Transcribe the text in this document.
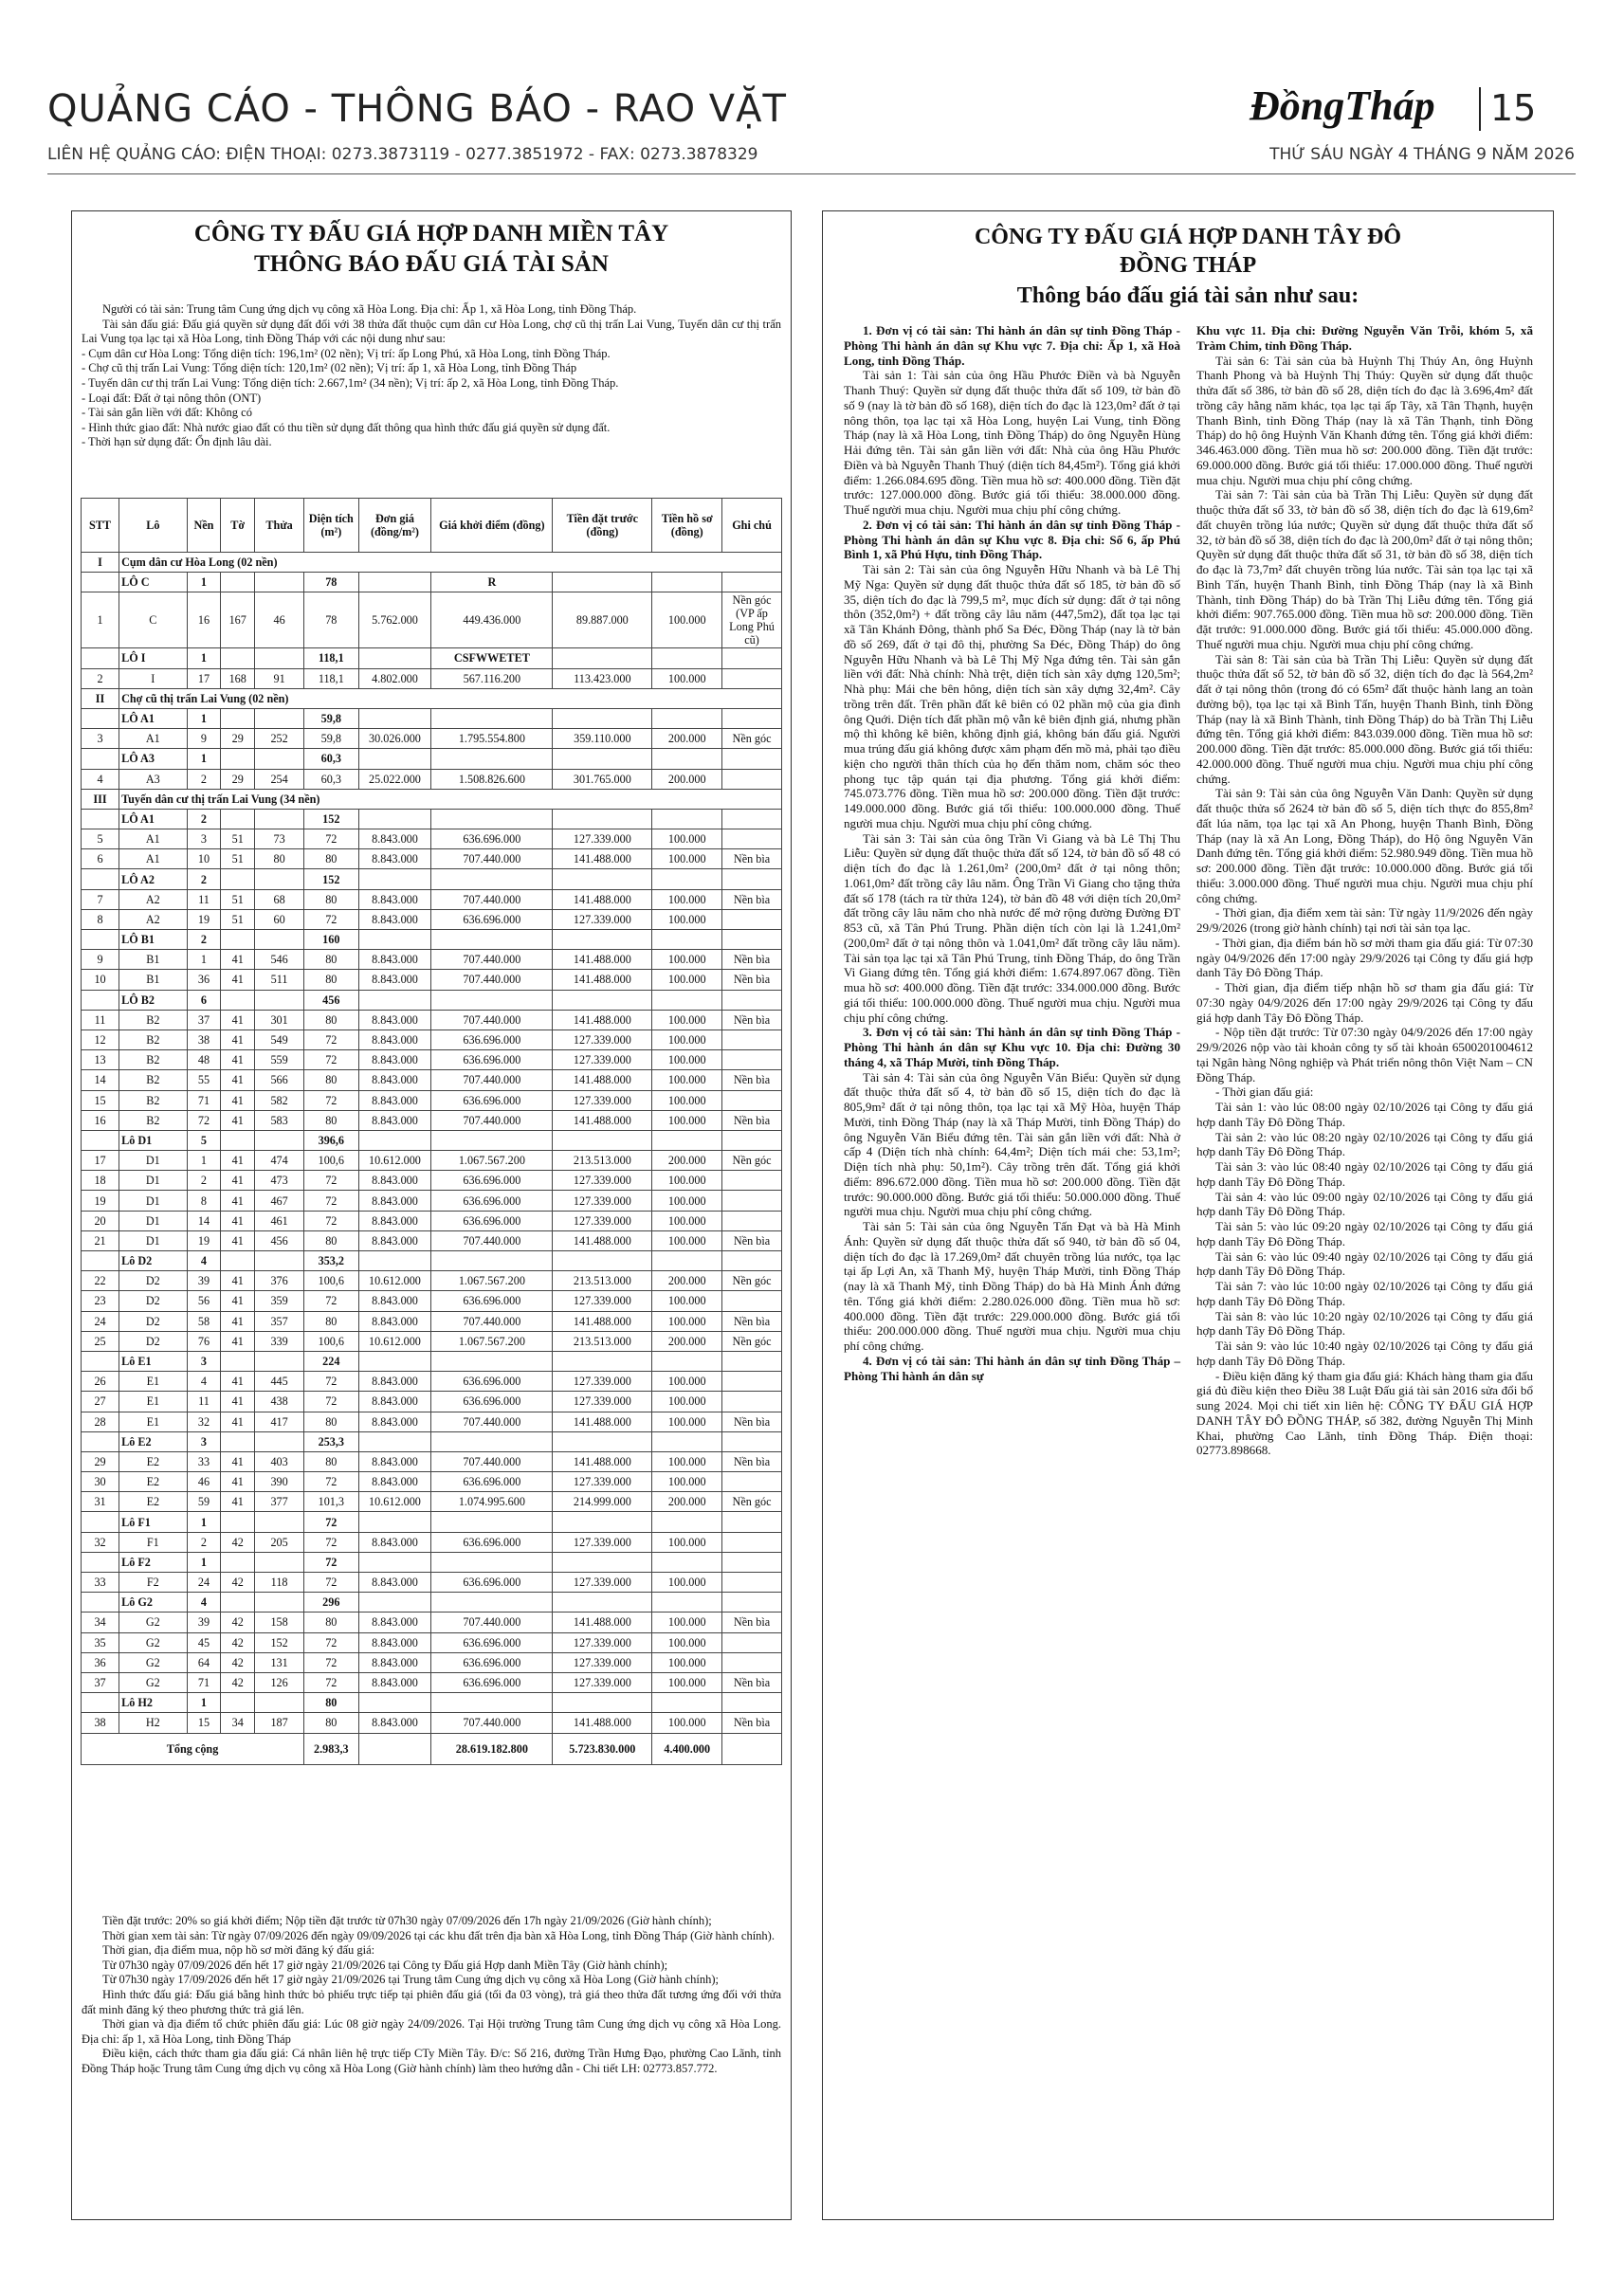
QUẢNG CÁO - THÔNG BÁO - RAO VẶT	ĐồngTháp 15
LIÊN HỆ QUẢNG CÁO: ĐIỆN THOẠI: 0273.3873119 - 0277.3851972 - FAX: 0273.3878329	THỨ SÁU NGÀY 4 THÁNG 9 NĂM 2026
CÔNG TY ĐẤU GIÁ HỢP DANH MIỀN TÂY
THÔNG BÁO ĐẤU GIÁ TÀI SẢN

Người có tài sản: Trung tâm Cung ứng dịch vụ công xã Hòa Long. Địa chỉ: Ấp 1, xã Hòa Long, tỉnh Đồng Tháp.

Tài sản đấu giá: Đấu giá quyền sử dụng đất đối với 38 thửa đất thuộc cụm dân cư Hòa Long, chợ cũ thị trấn Lai Vung, Tuyến dân cư thị trấn Lai Vung tọa lạc tại xã Hòa Long, tỉnh Đồng Tháp với các nội dung như sau:

- Cụm dân cư Hòa Long: Tổng diện tích: 196,1m² (02 nền); Vị trí: ấp Long Phú, xã Hòa Long, tỉnh Đồng Tháp.

- Chợ cũ thị trấn Lai Vung: Tổng diện tích: 120,1m² (02 nền); Vị trí: ấp 1, xã Hòa Long, tỉnh Đồng Tháp

- Tuyến dân cư thị trấn Lai Vung: Tổng diện tích: 2.667,1m² (34 nền); Vị trí: ấp 2, xã Hòa Long, tỉnh Đồng Tháp.

- Loại đất: Đất ở tại nông thôn (ONT)

- Tài sản gắn liền với đất: Không có

- Hình thức giao đất: Nhà nước giao đất có thu tiền sử dụng đất thông qua hình thức đấu giá quyền sử dụng đất.

- Thời hạn sử dụng đất: Ổn định lâu dài.

STT	Lô	Nền	Tờ	Thửa	Diện tích (m²)	Đơn giá (đồng/m²)	Giá khởi điểm (đồng)	Tiền đặt trước (đồng)	Tiền hồ sơ (đồng)	Ghi chú
I	Cụm dân cư Hòa Long (02 nền)									
	LÔ C	1			78		R			
1	C	16	167	46	78	5.762.000	449.436.000	89.887.000	100.000	Nền góc (VP ấp Long Phú cũ)
	LÔ I	1			118,1		CSFWWETET			
2	I	17	168	91	118,1	4.802.000	567.116.200	113.423.000	100.000	
II	Chợ cũ thị trấn Lai Vung (02 nền)									
	LÔ A1	1			59,8					
3	A1	9	29	252	59,8	30.026.000	1.795.554.800	359.110.000	200.000	Nền góc
	LÔ A3	1			60,3					
4	A3	2	29	254	60,3	25.022.000	1.508.826.600	301.765.000	200.000	
III	Tuyến dân cư thị trấn Lai Vung (34 nền)									
	LÔ A1	2			152					
5	A1	3	51	73	72	8.843.000	636.696.000	127.339.000	100.000	
6	A1	10	51	80	80	8.843.000	707.440.000	141.488.000	100.000	Nền bìa
	LÔ A2	2			152					
7	A2	11	51	68	80	8.843.000	707.440.000	141.488.000	100.000	Nền bìa
8	A2	19	51	60	72	8.843.000	636.696.000	127.339.000	100.000	
	LÔ B1	2			160					
9	B1	1	41	546	80	8.843.000	707.440.000	141.488.000	100.000	Nền bìa
10	B1	36	41	511	80	8.843.000	707.440.000	141.488.000	100.000	Nền bìa
	LÔ B2	6			456					
11	B2	37	41	301	80	8.843.000	707.440.000	141.488.000	100.000	Nền bìa
12	B2	38	41	549	72	8.843.000	636.696.000	127.339.000	100.000	
13	B2	48	41	559	72	8.843.000	636.696.000	127.339.000	100.000	
14	B2	55	41	566	80	8.843.000	707.440.000	141.488.000	100.000	Nền bìa
15	B2	71	41	582	72	8.843.000	636.696.000	127.339.000	100.000	
16	B2	72	41	583	80	8.843.000	707.440.000	141.488.000	100.000	Nền bìa
	Lô D1	5			396,6					
17	D1	1	41	474	100,6	10.612.000	1.067.567.200	213.513.000	200.000	Nền góc
18	D1	2	41	473	72	8.843.000	636.696.000	127.339.000	100.000	
19	D1	8	41	467	72	8.843.000	636.696.000	127.339.000	100.000	
20	D1	14	41	461	72	8.843.000	636.696.000	127.339.000	100.000	
21	D1	19	41	456	80	8.843.000	707.440.000	141.488.000	100.000	Nền bìa
	Lô D2	4			353,2					
22	D2	39	41	376	100,6	10.612.000	1.067.567.200	213.513.000	200.000	Nền góc
23	D2	56	41	359	72	8.843.000	636.696.000	127.339.000	100.000	
24	D2	58	41	357	80	8.843.000	707.440.000	141.488.000	100.000	Nền bìa
25	D2	76	41	339	100,6	10.612.000	1.067.567.200	213.513.000	200.000	Nền góc
	Lô E1	3			224					
26	E1	4	41	445	72	8.843.000	636.696.000	127.339.000	100.000	
27	E1	11	41	438	72	8.843.000	636.696.000	127.339.000	100.000	
28	E1	32	41	417	80	8.843.000	707.440.000	141.488.000	100.000	Nền bìa
	Lô E2	3			253,3					
29	E2	33	41	403	80	8.843.000	707.440.000	141.488.000	100.000	Nền bìa
30	E2	46	41	390	72	8.843.000	636.696.000	127.339.000	100.000	
31	E2	59	41	377	101,3	10.612.000	1.074.995.600	214.999.000	200.000	Nền góc
	Lô F1	1			72					
32	F1	2	42	205	72	8.843.000	636.696.000	127.339.000	100.000	
	Lô F2	1			72					
33	F2	24	42	118	72	8.843.000	636.696.000	127.339.000	100.000	
	Lô G2	4			296					
34	G2	39	42	158	80	8.843.000	707.440.000	141.488.000	100.000	Nền bìa
35	G2	45	42	152	72	8.843.000	636.696.000	127.339.000	100.000	
36	G2	64	42	131	72	8.843.000	636.696.000	127.339.000	100.000	
37	G2	71	42	126	72	8.843.000	636.696.000	127.339.000	100.000	Nền bìa
	Lô H2	1			80					
38	H2	15	34	187	80	8.843.000	707.440.000	141.488.000	100.000	Nền bìa
Tổng cộng					2.983,3		28.619.182.800	5.723.830.000	4.400.000	

Tiền đặt trước: 20% so giá khởi điểm; Nộp tiền đặt trước từ 07h30 ngày 07/09/2026 đến 17h ngày 21/09/2026 (Giờ hành chính);

Thời gian xem tài sản: Từ ngày 07/09/2026 đến ngày 09/09/2026 tại các khu đất trên địa bàn xã Hòa Long, tỉnh Đồng Tháp (Giờ hành chính).

Thời gian, địa điểm mua, nộp hồ sơ mời đăng ký đấu giá:

Từ 07h30 ngày 07/09/2026 đến hết 17 giờ ngày 21/09/2026 tại Công ty Đấu giá Hợp danh Miền Tây (Giờ hành chính);

Từ 07h30 ngày 17/09/2026 đến hết 17 giờ ngày 21/09/2026 tại Trung tâm Cung ứng dịch vụ công xã Hòa Long (Giờ hành chính);

Hình thức đấu giá: Đấu giá bằng hình thức bỏ phiếu trực tiếp tại phiên đấu giá (tối đa 03 vòng), trả giá theo thửa đất tương ứng đối với thửa đất minh đăng ký theo phương thức trả giá lên.

Thời gian và địa điểm tổ chức phiên đấu giá: Lúc 08 giờ ngày 24/09/2026. Tại Hội trường Trung tâm Cung ứng dịch vụ công xã Hòa Long. Địa chỉ: ấp 1, xã Hòa Long, tỉnh Đồng Tháp

Điều kiện, cách thức tham gia đấu giá: Cá nhân liên hệ trực tiếp CTy Miền Tây. Đ/c: Số 216, đường Trần Hưng Đạo, phường Cao Lãnh, tỉnh Đồng Tháp hoặc Trung tâm Cung ứng dịch vụ công xã Hòa Long (Giờ hành chính) làm theo hướng dẫn - Chi tiết LH: 02773.857.772.

CÔNG TY ĐẤU GIÁ HỢP DANH TÂY ĐÔ
ĐỒNG THÁP
Thông báo đấu giá tài sản như sau:

1. Đơn vị có tài sản: Thi hành án dân sự tỉnh Đồng Tháp - Phòng Thi hành án dân sự Khu vực 7. Địa chỉ: Ấp 1, xã Hoà Long, tỉnh Đồng Tháp.

Tài sản 1: Tài sản của ông Hầu Phước Điền và bà Nguyễn Thanh Thuý: Quyền sử dụng đất thuộc thửa đất số 109, tờ bản đồ số 9 (nay là tờ bản đồ số 168), diện tích đo đạc là 123,0m² đất ở tại nông thôn, tọa lạc tại xã Hòa Long, huyện Lai Vung, tỉnh Đồng Tháp (nay là xã Hòa Long, tỉnh Đồng Tháp) do ông Nguyễn Hùng Hải đứng tên. Tài sản gắn liền với đất: Nhà của ông Hầu Phước Điền và bà Nguyễn Thanh Thuý (diện tích 84,45m²). Tổng giá khởi điểm: 1.266.084.695 đồng. Tiền mua hồ sơ: 400.000 đồng. Tiền đặt trước: 127.000.000 đồng. Bước giá tối thiểu: 38.000.000 đồng. Thuế người mua chịu. Người mua chịu phí công chứng.

2. Đơn vị có tài sản: Thi hành án dân sự tỉnh Đồng Tháp - Phòng Thi hành án dân sự Khu vực 8. Địa chỉ: Số 6, ấp Phú Bình 1, xã Phú Hựu, tỉnh Đồng Tháp.

Tài sản 2: Tài sản của ông Nguyễn Hữu Nhanh và bà Lê Thị Mỹ Nga: Quyền sử dụng đất thuộc thửa đất số 185, tờ bản đồ số 35, diện tích đo đạc là 799,5 m², mục đích sử dụng: đất ở tại nông thôn (352,0m²) + đất trồng cây lâu năm (447,5m2), đất tọa lạc tại xã Tân Khánh Đông, thành phố Sa Đéc, Đồng Tháp (nay là tờ bản đồ số 269, đất ở tại đô thị, phường Sa Đéc, Đồng Tháp) do ông Nguyễn Hữu Nhanh và bà Lê Thị Mỹ Nga đứng tên. Tài sản gắn liền với đất: Nhà chính: Nhà trệt, diện tích sàn xây dựng 120,5m²; Nhà phụ: Mái che bên hông, diện tích sàn xây dựng 32,4m². Cây trồng trên đất. Trên phần đất kê biên có 02 phần mộ của gia đình ông Quới. Diện tích đất phần mộ vẫn kê biên định giá, nhưng phần mộ thì không kê biên, không định giá, không bán đấu giá. Người mua trúng đấu giá không được xâm phạm đến mồ mả, phải tạo điều kiện cho người thân thích của họ đến thăm nom, chăm sóc theo phong tục tập quán tại địa phương. Tổng giá khởi điểm: 745.073.776 đồng. Tiền mua hồ sơ: 200.000 đồng. Tiền đặt trước: 149.000.000 đồng. Bước giá tối thiểu: 100.000.000 đồng. Thuế người mua chịu. Người mua chịu phí công chứng.

Tài sản 3: Tài sản của ông Trần Vi Giang và bà Lê Thị Thu Liễu: Quyền sử dụng đất thuộc thửa đất số 124, tờ bản đồ số 48 có diện tích đo đạc là 1.261,0m² (200,0m² đất ở tại nông thôn; 1.061,0m² đất trồng cây lâu năm. Ông Trần Vi Giang cho tặng thửa đất số 178 (tách ra từ thửa 124), tờ bản đồ 48 với diện tích 20,0m² đất trồng cây lâu năm cho nhà nước để mở rộng đường Đường ĐT 853 cũ, xã Tân Phú Trung. Phần diện tích còn lại là 1.241,0m² (200,0m² đất ở tại nông thôn và 1.041,0m² đất trồng cây lâu năm). Tài sản tọa lạc tại xã Tân Phú Trung, tỉnh Đồng Tháp, do ông Trần Vi Giang đứng tên. Tổng giá khởi điểm: 1.674.897.067 đồng. Tiền mua hồ sơ: 400.000 đồng. Tiền đặt trước: 334.000.000 đồng. Bước giá tối thiểu: 100.000.000 đồng. Thuế người mua chịu. Người mua chịu phí công chứng.

3. Đơn vị có tài sản: Thi hành án dân sự tỉnh Đồng Tháp - Phòng Thi hành án dân sự Khu vực 10. Địa chỉ: Đường 30 tháng 4, xã Tháp Mười, tỉnh Đồng Tháp.

Tài sản 4: Tài sản của ông Nguyễn Văn Biểu: Quyền sử dụng đất thuộc thửa đất số 4, tờ bản đồ số 15, diện tích đo đạc là 805,9m² đất ở tại nông thôn, tọa lạc tại xã Mỹ Hòa, huyện Tháp Mười, tỉnh Đồng Tháp (nay là xã Tháp Mười, tỉnh Đồng Tháp) do ông Nguyễn Văn Biểu đứng tên. Tài sản gắn liền với đất: Nhà ở cấp 4 (Diện tích nhà chính: 64,4m²; Diện tích mái che: 53,1m²; Diện tích nhà phụ: 50,1m²). Cây trồng trên đất. Tổng giá khởi điểm: 896.672.000 đồng. Tiền mua hồ sơ: 200.000 đồng. Tiền đặt trước: 90.000.000 đồng. Bước giá tối thiểu: 50.000.000 đồng. Thuế người mua chịu. Người mua chịu phí công chứng.

Tài sản 5: Tài sản của ông Nguyễn Tấn Đạt và bà Hà Minh Ánh: Quyền sử dụng đất thuộc thửa đất số 940, tờ bản đồ số 04, diện tích đo đạc là 17.269,0m² đất chuyên trồng lúa nước, tọa lạc tại ấp Lợi An, xã Thanh Mỹ, huyện Tháp Mười, tỉnh Đồng Tháp (nay là xã Thanh Mỹ, tỉnh Đồng Tháp) do bà Hà Minh Ánh đứng tên. Tổng giá khởi điểm: 2.280.026.000 đồng. Tiền mua hồ sơ: 400.000 đồng. Tiền đặt trước: 229.000.000 đồng. Bước giá tối thiểu: 200.000.000 đồng. Thuế người mua chịu. Người mua chịu phí công chứng.

4. Đơn vị có tài sản: Thi hành án dân sự tỉnh Đồng Tháp – Phòng Thi hành án dân sự

Khu vực 11. Địa chỉ: Đường Nguyễn Văn Trỗi, khóm 5, xã Tràm Chim, tỉnh Đồng Tháp.

Tài sản 6: Tài sản của bà Huỳnh Thị Thúy An, ông Huỳnh Thanh Phong và bà Huỳnh Thị Thúy: Quyền sử dụng đất thuộc thửa đất số 386, tờ bản đồ số 28, diện tích đo đạc là 3.696,4m² đất trồng cây hằng năm khác, tọa lạc tại ấp Tây, xã Tân Thạnh, huyện Thanh Bình, tỉnh Đồng Tháp (nay là xã Tân Thạnh, tỉnh Đồng Tháp) do hộ ông Huỳnh Văn Khanh đứng tên. Tổng giá khởi điểm: 346.463.000 đồng. Tiền mua hồ sơ: 200.000 đồng. Tiền đặt trước: 69.000.000 đồng. Bước giá tối thiểu: 17.000.000 đồng. Thuế người mua chịu. Người mua chịu phí công chứng.

Tài sản 7: Tài sản của bà Trần Thị Liễu: Quyền sử dụng đất thuộc thửa đất số 33, tờ bản đồ số 38, diện tích đo đạc là 619,6m² đất chuyên trồng lúa nước; Quyền sử dụng đất thuộc thửa đất số 32, tờ bản đồ số 38, diện tích đo đạc là 200,0m² đất ở tại nông thôn; Quyền sử dụng đất thuộc thửa đất số 31, tờ bản đồ số 38, diện tích đo đạc là 73,7m² đất chuyên trồng lúa nước. Tài sản tọa lạc tại xã Bình Tấn, huyện Thanh Bình, tỉnh Đồng Tháp (nay là xã Bình Thành, tỉnh Đồng Tháp) do bà Trần Thị Liễu đứng tên. Tổng giá khởi điểm: 907.765.000 đồng. Tiền mua hồ sơ: 200.000 đồng. Tiền đặt trước: 91.000.000 đồng. Bước giá tối thiểu: 45.000.000 đồng. Thuế người mua chịu. Người mua chịu phí công chứng.

Tài sản 8: Tài sản của bà Trần Thị Liễu: Quyền sử dụng đất thuộc thửa đất số 52, tờ bản đồ số 32, diện tích đo đạc là 564,2m² đất ở tại nông thôn (trong đó có 65m² đất thuộc hành lang an toàn đường bộ), tọa lạc tại xã Bình Tấn, huyện Thanh Bình, tỉnh Đồng Tháp (nay là xã Bình Thành, tỉnh Đồng Tháp) do bà Trần Thị Liễu đứng tên. Tổng giá khởi điểm: 843.039.000 đồng. Tiền mua hồ sơ: 200.000 đồng. Tiền đặt trước: 85.000.000 đồng. Bước giá tối thiểu: 42.000.000 đồng. Thuế người mua chịu. Người mua chịu phí công chứng.

Tài sản 9: Tài sản của ông Nguyễn Văn Danh: Quyền sử dụng đất thuộc thửa số 2624 tờ bản đồ số 5, diện tích thực đo 855,8m² đất lúa năm, tọa lạc tại xã An Phong, huyện Thanh Bình, Đồng Tháp (nay là xã An Long, Đồng Tháp), do Hộ ông Nguyễn Văn Danh đứng tên. Tổng giá khởi điểm: 52.980.949 đồng. Tiền mua hồ sơ: 200.000 đồng. Tiền đặt trước: 10.000.000 đồng. Bước giá tối thiểu: 3.000.000 đồng. Thuế người mua chịu. Người mua chịu phí công chứng.

- Thời gian, địa điểm xem tài sản: Từ ngày 11/9/2026 đến ngày 29/9/2026 (trong giờ hành chính) tại nơi tài sản tọa lạc.

- Thời gian, địa điểm bán hồ sơ mời tham gia đấu giá: Từ 07:30 ngày 04/9/2026 đến 17:00 ngày 29/9/2026 tại Công ty đấu giá hợp danh Tây Đô Đồng Tháp.

- Thời gian, địa điểm tiếp nhận hồ sơ tham gia đấu giá: Từ 07:30 ngày 04/9/2026 đến 17:00 ngày 29/9/2026 tại Công ty đấu giá hợp danh Tây Đô Đồng Tháp.

- Nộp tiền đặt trước: Từ 07:30 ngày 04/9/2026 đến 17:00 ngày 29/9/2026 nộp vào tài khoản công ty số tài khoản 6500201004612 tại Ngân hàng Nông nghiệp và Phát triển nông thôn Việt Nam – CN Đồng Tháp.

- Thời gian đấu giá:

Tài sản 1: vào lúc 08:00 ngày 02/10/2026 tại Công ty đấu giá hợp danh Tây Đô Đồng Tháp.

Tài sản 2: vào lúc 08:20 ngày 02/10/2026 tại Công ty đấu giá hợp danh Tây Đô Đồng Tháp.

Tài sản 3: vào lúc 08:40 ngày 02/10/2026 tại Công ty đấu giá hợp danh Tây Đô Đồng Tháp.

Tài sản 4: vào lúc 09:00 ngày 02/10/2026 tại Công ty đấu giá hợp danh Tây Đô Đồng Tháp.

Tài sản 5: vào lúc 09:20 ngày 02/10/2026 tại Công ty đấu giá hợp danh Tây Đô Đồng Tháp.

Tài sản 6: vào lúc 09:40 ngày 02/10/2026 tại Công ty đấu giá hợp danh Tây Đô Đồng Tháp.

Tài sản 7: vào lúc 10:00 ngày 02/10/2026 tại Công ty đấu giá hợp danh Tây Đô Đồng Tháp.

Tài sản 8: vào lúc 10:20 ngày 02/10/2026 tại Công ty đấu giá hợp danh Tây Đô Đồng Tháp.

Tài sản 9: vào lúc 10:40 ngày 02/10/2026 tại Công ty đấu giá hợp danh Tây Đô Đồng Tháp.

- Điều kiện đăng ký tham gia đấu giá: Khách hàng tham gia đấu giá đủ điều kiện theo Điều 38 Luật Đấu giá tài sản 2016 sửa đổi bổ sung 2024. Mọi chi tiết xin liên hệ: CÔNG TY ĐẤU GIÁ HỢP DANH TÂY ĐÔ ĐỒNG THÁP, số 382, đường Nguyễn Thị Minh Khai, phường Cao Lãnh, tỉnh Đồng Tháp. Điện thoại: 02773.898668.
